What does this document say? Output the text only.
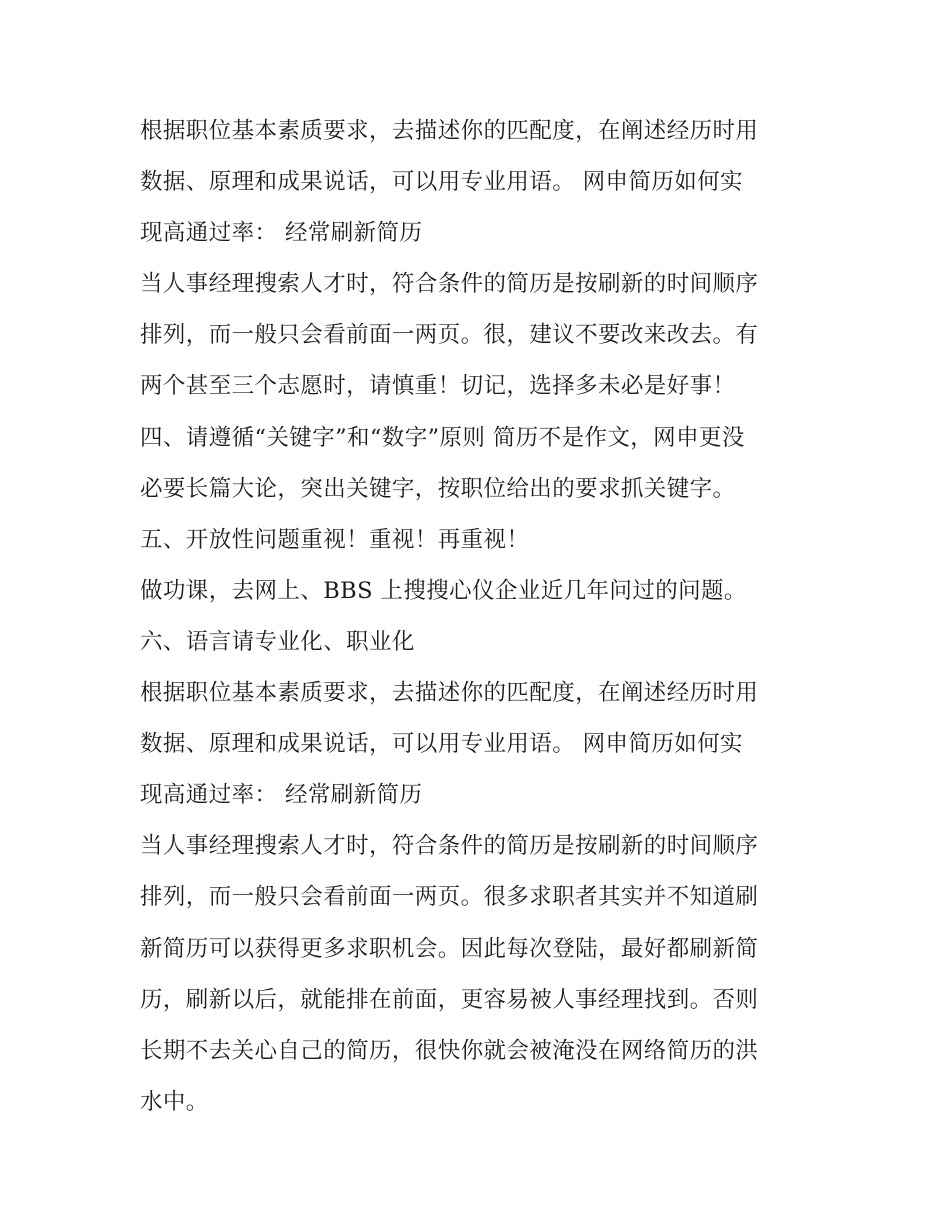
根据职位基本素质要求，去描述你的匹配度，在阐述经历时用
数据、原理和成果说话，可以用专业用语。 网申简历如何实
现高通过率： 经常刷新简历
当人事经理搜索人才时，符合条件的简历是按刷新的时间顺序
排列，而一般只会看前面一两页。很，建议不要改来改去。有
两个甚至三个志愿时，请慎重！切记，选择多未必是好事！
四、请遵循“关键字”和“数字”原则 简历不是作文，网申更没
必要长篇大论，突出关键字，按职位给出的要求抓关键字。
五、开放性问题重视！重视！再重视！
做功课，去网上、BBS 上搜搜心仪企业近几年问过的问题。
六、语言请专业化、职业化
根据职位基本素质要求，去描述你的匹配度，在阐述经历时用
数据、原理和成果说话，可以用专业用语。 网申简历如何实
现高通过率： 经常刷新简历
当人事经理搜索人才时，符合条件的简历是按刷新的时间顺序
排列，而一般只会看前面一两页。很多求职者其实并不知道刷
新简历可以获得更多求职机会。因此每次登陆，最好都刷新简
历，刷新以后，就能排在前面，更容易被人事经理找到。否则
长期不去关心自己的简历，很快你就会被淹没在网络简历的洪
水中。
